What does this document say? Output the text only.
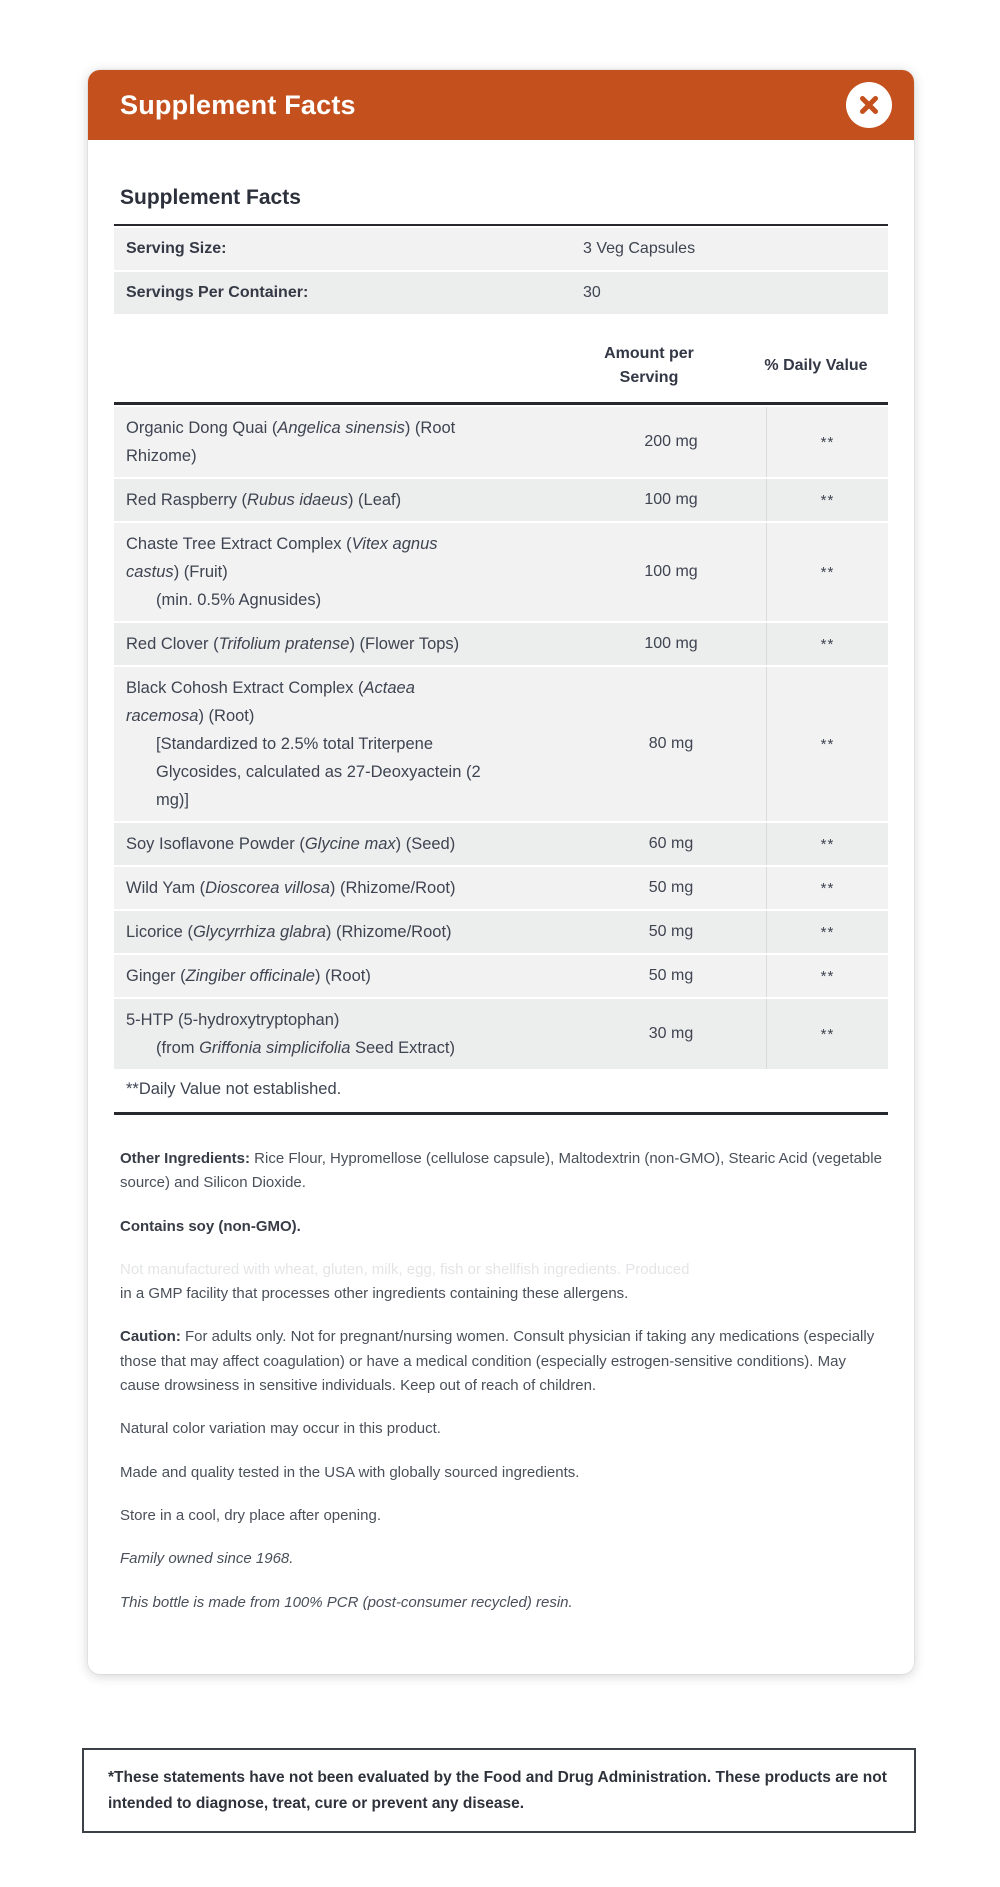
Supplement Facts
Supplement Facts
Serving Size:	3 Veg Capsules
Servings Per Container:	30
Amount per Serving
% Daily Value
Organic Dong Quai (Angelica sinensis) (Root
Rhizome)
200 mg	**
Red Raspberry (Rubus idaeus) (Leaf)	100 mg	**
Chaste Tree Extract Complex (Vitex agnus
castus) (Fruit)
(min. 0.5% Agnusides)
100 mg	**
Red Clover (Trifolium pratense) (Flower Tops)	100 mg	**
Black Cohosh Extract Complex (Actaea
racemosa) (Root)
[Standardized to 2.5% total Triterpene
Glycosides, calculated as 27-Deoxyactein (2
mg)]
80 mg	**
Soy Isoflavone Powder (Glycine max) (Seed)	60 mg	**
Wild Yam (Dioscorea villosa) (Rhizome/Root)	50 mg	**
Licorice (Glycyrrhiza glabra) (Rhizome/Root)	50 mg	**
Ginger (Zingiber officinale) (Root)	50 mg	**
5-HTP (5-hydroxytryptophan)
(from Griffonia simplicifolia Seed Extract)
30 mg	**
**Daily Value not established.

Other Ingredients: Rice Flour, Hypromellose (cellulose capsule), Maltodextrin (non-GMO), Stearic Acid (vegetable source) and Silicon Dioxide.

Contains soy (non-GMO).

Not manufactured with wheat, gluten, milk, egg, fish or shellfish ingredients. Produced
in a GMP facility that processes other ingredients containing these allergens.

Caution: For adults only. Not for pregnant/nursing women. Consult physician if taking any medications (especially those that may affect coagulation) or have a medical condition (especially estrogen-sensitive conditions). May cause drowsiness in sensitive individuals. Keep out of reach of children.

Natural color variation may occur in this product.

Made and quality tested in the USA with globally sourced ingredients.

Store in a cool, dry place after opening.

Family owned since 1968.

This bottle is made from 100% PCR (post-consumer recycled) resin.

*These statements have not been evaluated by the Food and Drug Administration. These products are not intended to diagnose, treat, cure or prevent any disease.
